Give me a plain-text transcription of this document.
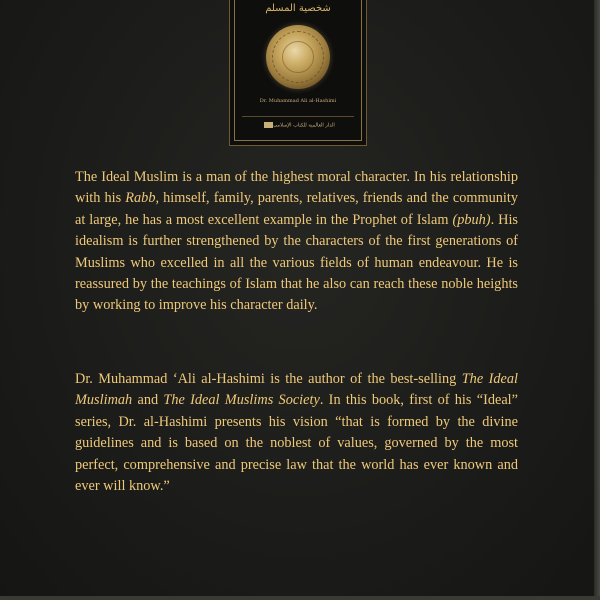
شخصية المسلم
Dr. Muhammad Ali al-Hashimi
الدار العالمية للكتاب الإسلامي

The Ideal Muslim is a man of the highest moral character. In his relationship with his Rabb, himself, family, parents, relatives, friends and the community at large, he has a most excellent example in the Prophet of Islam (pbuh). His idealism is further strengthened by the characters of the first generations of Muslims who excelled in all the various fields of human endeavour. He is reassured by the teachings of Islam that he also can reach these noble heights by working to improve his character daily.

Dr. Muhammad ‘Ali al-Hashimi is the author of the best-selling The Ideal Muslimah and The Ideal Muslims Society. In this book, first of his “Ideal” series, Dr. al-Hashimi presents his vision “that is formed by the divine guidelines and is based on the noblest of values, governed by the most perfect, comprehensive and precise law that the world has ever known and ever will know.”
